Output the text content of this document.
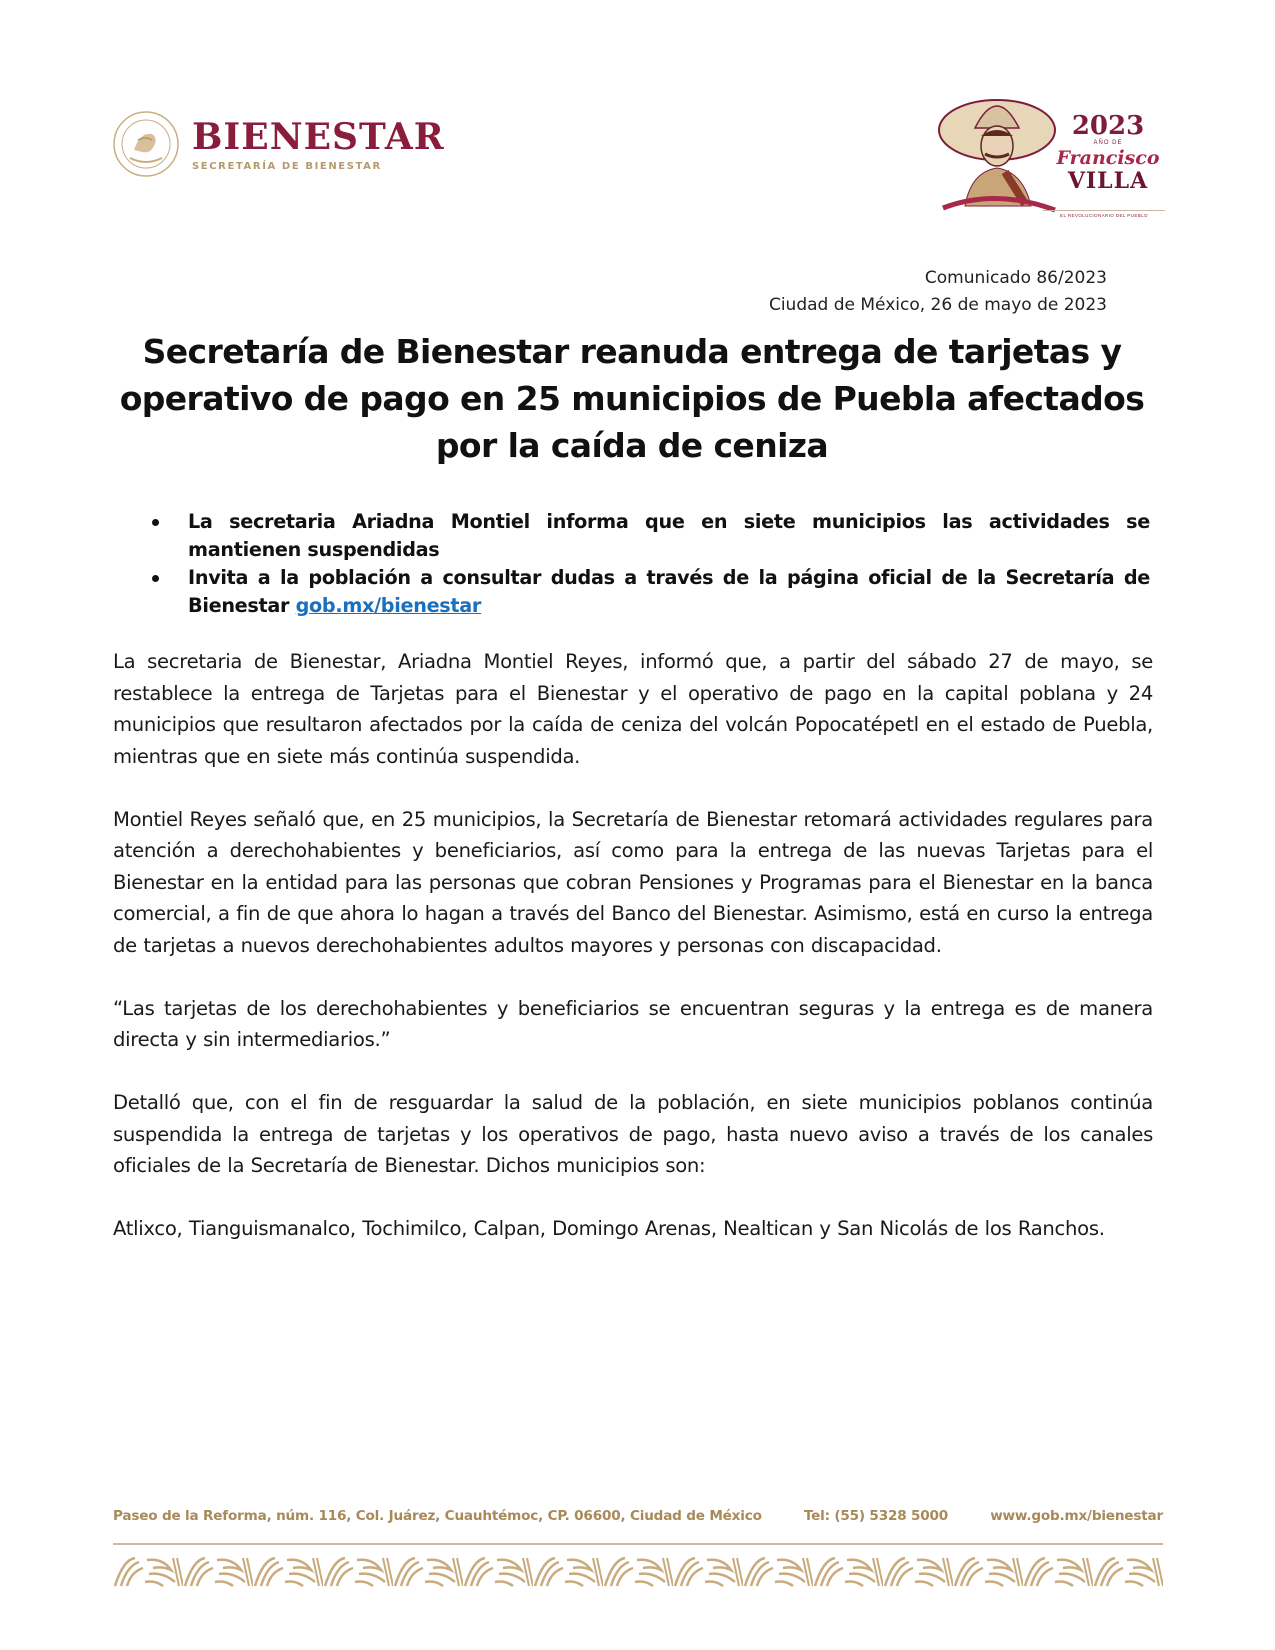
BIENESTAR
SECRETARÍA DE BIENESTAR
2023
AÑO DE
Francisco
VILLA
EL REVOLUCIONARIO DEL PUEBLO
Comunicado 86/2023
Ciudad de México, 26 de mayo de 2023
Secretaría de Bienestar reanuda entrega de tarjetas y operativo de pago en 25 municipios de Puebla afectados por la caída de ceniza
La secretaria Ariadna Montiel informa que en siete municipios las actividades se mantienen suspendidas
Invita a la población a consultar dudas a través de la página oficial de la Secretaría de Bienestar gob.mx/bienestar

La secretaria de Bienestar, Ariadna Montiel Reyes, informó que, a partir del sábado 27 de mayo, se restablece la entrega de Tarjetas para el Bienestar y el operativo de pago en la capital poblana y 24 municipios que resultaron afectados por la caída de ceniza del volcán Popocatépetl en el estado de Puebla, mientras que en siete más continúa suspendida.

Montiel Reyes señaló que, en 25 municipios, la Secretaría de Bienestar retomará actividades regulares para atención a derechohabientes y beneficiarios, así como para la entrega de las nuevas Tarjetas para el Bienestar en la entidad para las personas que cobran Pensiones y Programas para el Bienestar en la banca comercial, a fin de que ahora lo hagan a través del Banco del Bienestar. Asimismo, está en curso la entrega de tarjetas a nuevos derechohabientes adultos mayores y personas con discapacidad.

“Las tarjetas de los derechohabientes y beneficiarios se encuentran seguras y la entrega es de manera directa y sin intermediarios.”

Detalló que, con el fin de resguardar la salud de la población, en siete municipios poblanos continúa suspendida la entrega de tarjetas y los operativos de pago, hasta nuevo aviso a través de los canales oficiales de la Secretaría de Bienestar. Dichos municipios son:

Atlixco, Tianguismanalco, Tochimilco, Calpan, Domingo Arenas, Nealtican y San Nicolás de los Ranchos.

Paseo de la Reforma, núm. 116, Col. Juárez, Cuauhtémoc, CP. 06600, Ciudad de México	Tel: (55) 5328 5000	www.gob.mx/bienestar
